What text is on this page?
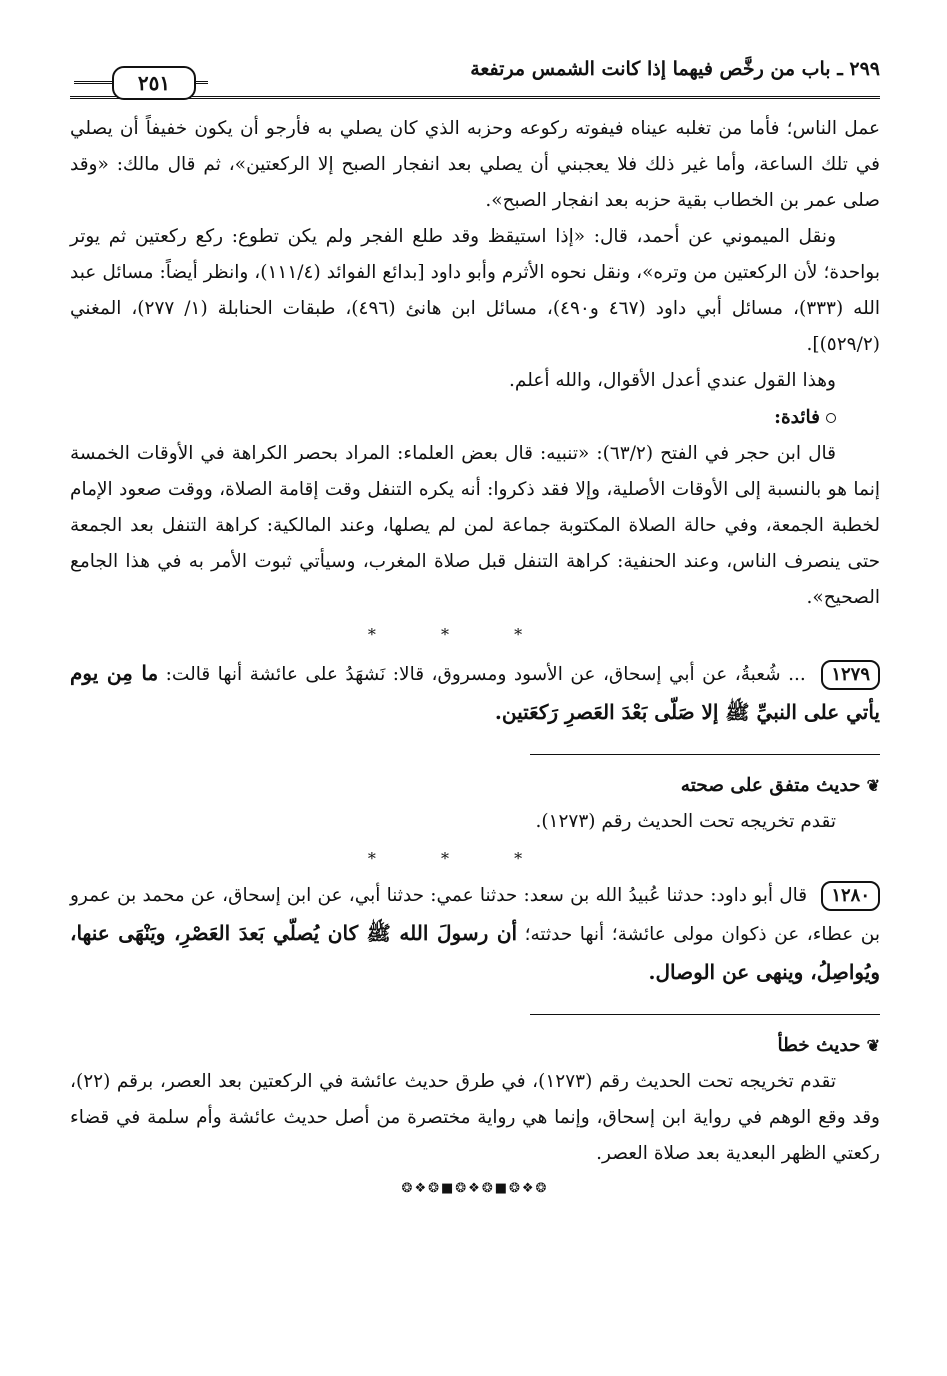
٢٩٩ ـ باب من رخَّص فيهما إذا كانت الشمس مرتفعة
٢٥١

عمل الناس؛ فأما من تغلبه عيناه فيفوته ركوعه وحزبه الذي كان يصلي به فأرجو أن يكون خفيفاً أن يصلي في تلك الساعة، وأما غير ذلك فلا يعجبني أن يصلي بعد انفجار الصبح إلا الركعتين»، ثم قال مالك: «وقد صلى عمر بن الخطاب بقية حزبه بعد انفجار الصبح».

ونقل الميموني عن أحمد، قال: «إذا استيقظ وقد طلع الفجر ولم يكن تطوع: ركع ركعتين ثم يوتر بواحدة؛ لأن الركعتين من وتره»، ونقل نحوه الأثرم وأبو داود [بدائع الفوائد (١١١/٤)، وانظر أيضاً: مسائل عبد الله (٣٣٣)، مسائل أبي داود (٤٦٧ و٤٩٠)، مسائل ابن هانئ (٤٩٦)، طبقات الحنابلة (١/ ٢٧٧)، المغني (٥٢٩/٢)].

وهذا القول عندي أعدل الأقوال، والله أعلم.

فائدة:

قال ابن حجر في الفتح (٦٣/٢): «تنبيه: قال بعض العلماء: المراد بحصر الكراهة في الأوقات الخمسة إنما هو بالنسبة إلى الأوقات الأصلية، وإلا فقد ذكروا: أنه يكره التنفل وقت إقامة الصلاة، ووقت صعود الإمام لخطبة الجمعة، وفي حالة الصلاة المكتوبة جماعة لمن لم يصلها، وعند المالكية: كراهة التنفل بعد الجمعة حتى ينصرف الناس، وعند الحنفية: كراهة التنفل قبل صلاة المغرب، وسيأتي ثبوت الأمر به في هذا الجامع الصحيح».

* * *

١٢٧٩ ... شُعبةُ، عن أبي إسحاق، عن الأسود ومسروق، قالا: نَشهَدُ على عائشة أنها قالت: ما مِن يوم يأتي على النبيِّ ﷺ إلا صَلّى بَعْدَ العَصرِ رَكعَتين.

❦حديث متفق على صحته

تقدم تخريجه تحت الحديث رقم (١٢٧٣).

* * *

١٢٨٠ قال أبو داود: حدثنا عُبيدُ الله بن سعد: حدثنا عمي: حدثنا أبي، عن ابن إسحاق، عن محمد بن عمرو بن عطاء، عن ذكوان مولى عائشة؛ أنها حدثته؛ أن رسولَ الله ﷺ كان يُصلّي بَعدَ العَصْرِ، ويَنْهَى عنها، ويُواصِلُ، وينهى عن الوصال.

❦حديث خطأ

تقدم تخريجه تحت الحديث رقم (١٢٧٣)، في طرق حديث عائشة في الركعتين بعد العصر، برقم (٢٢)، وقد وقع الوهم في رواية ابن إسحاق، وإنما هي رواية مختصرة من أصل حديث عائشة وأم سلمة في قضاء ركعتي الظهر البعدية بعد صلاة العصر.

❂❖❂■❂❖❂■❂❖❂
